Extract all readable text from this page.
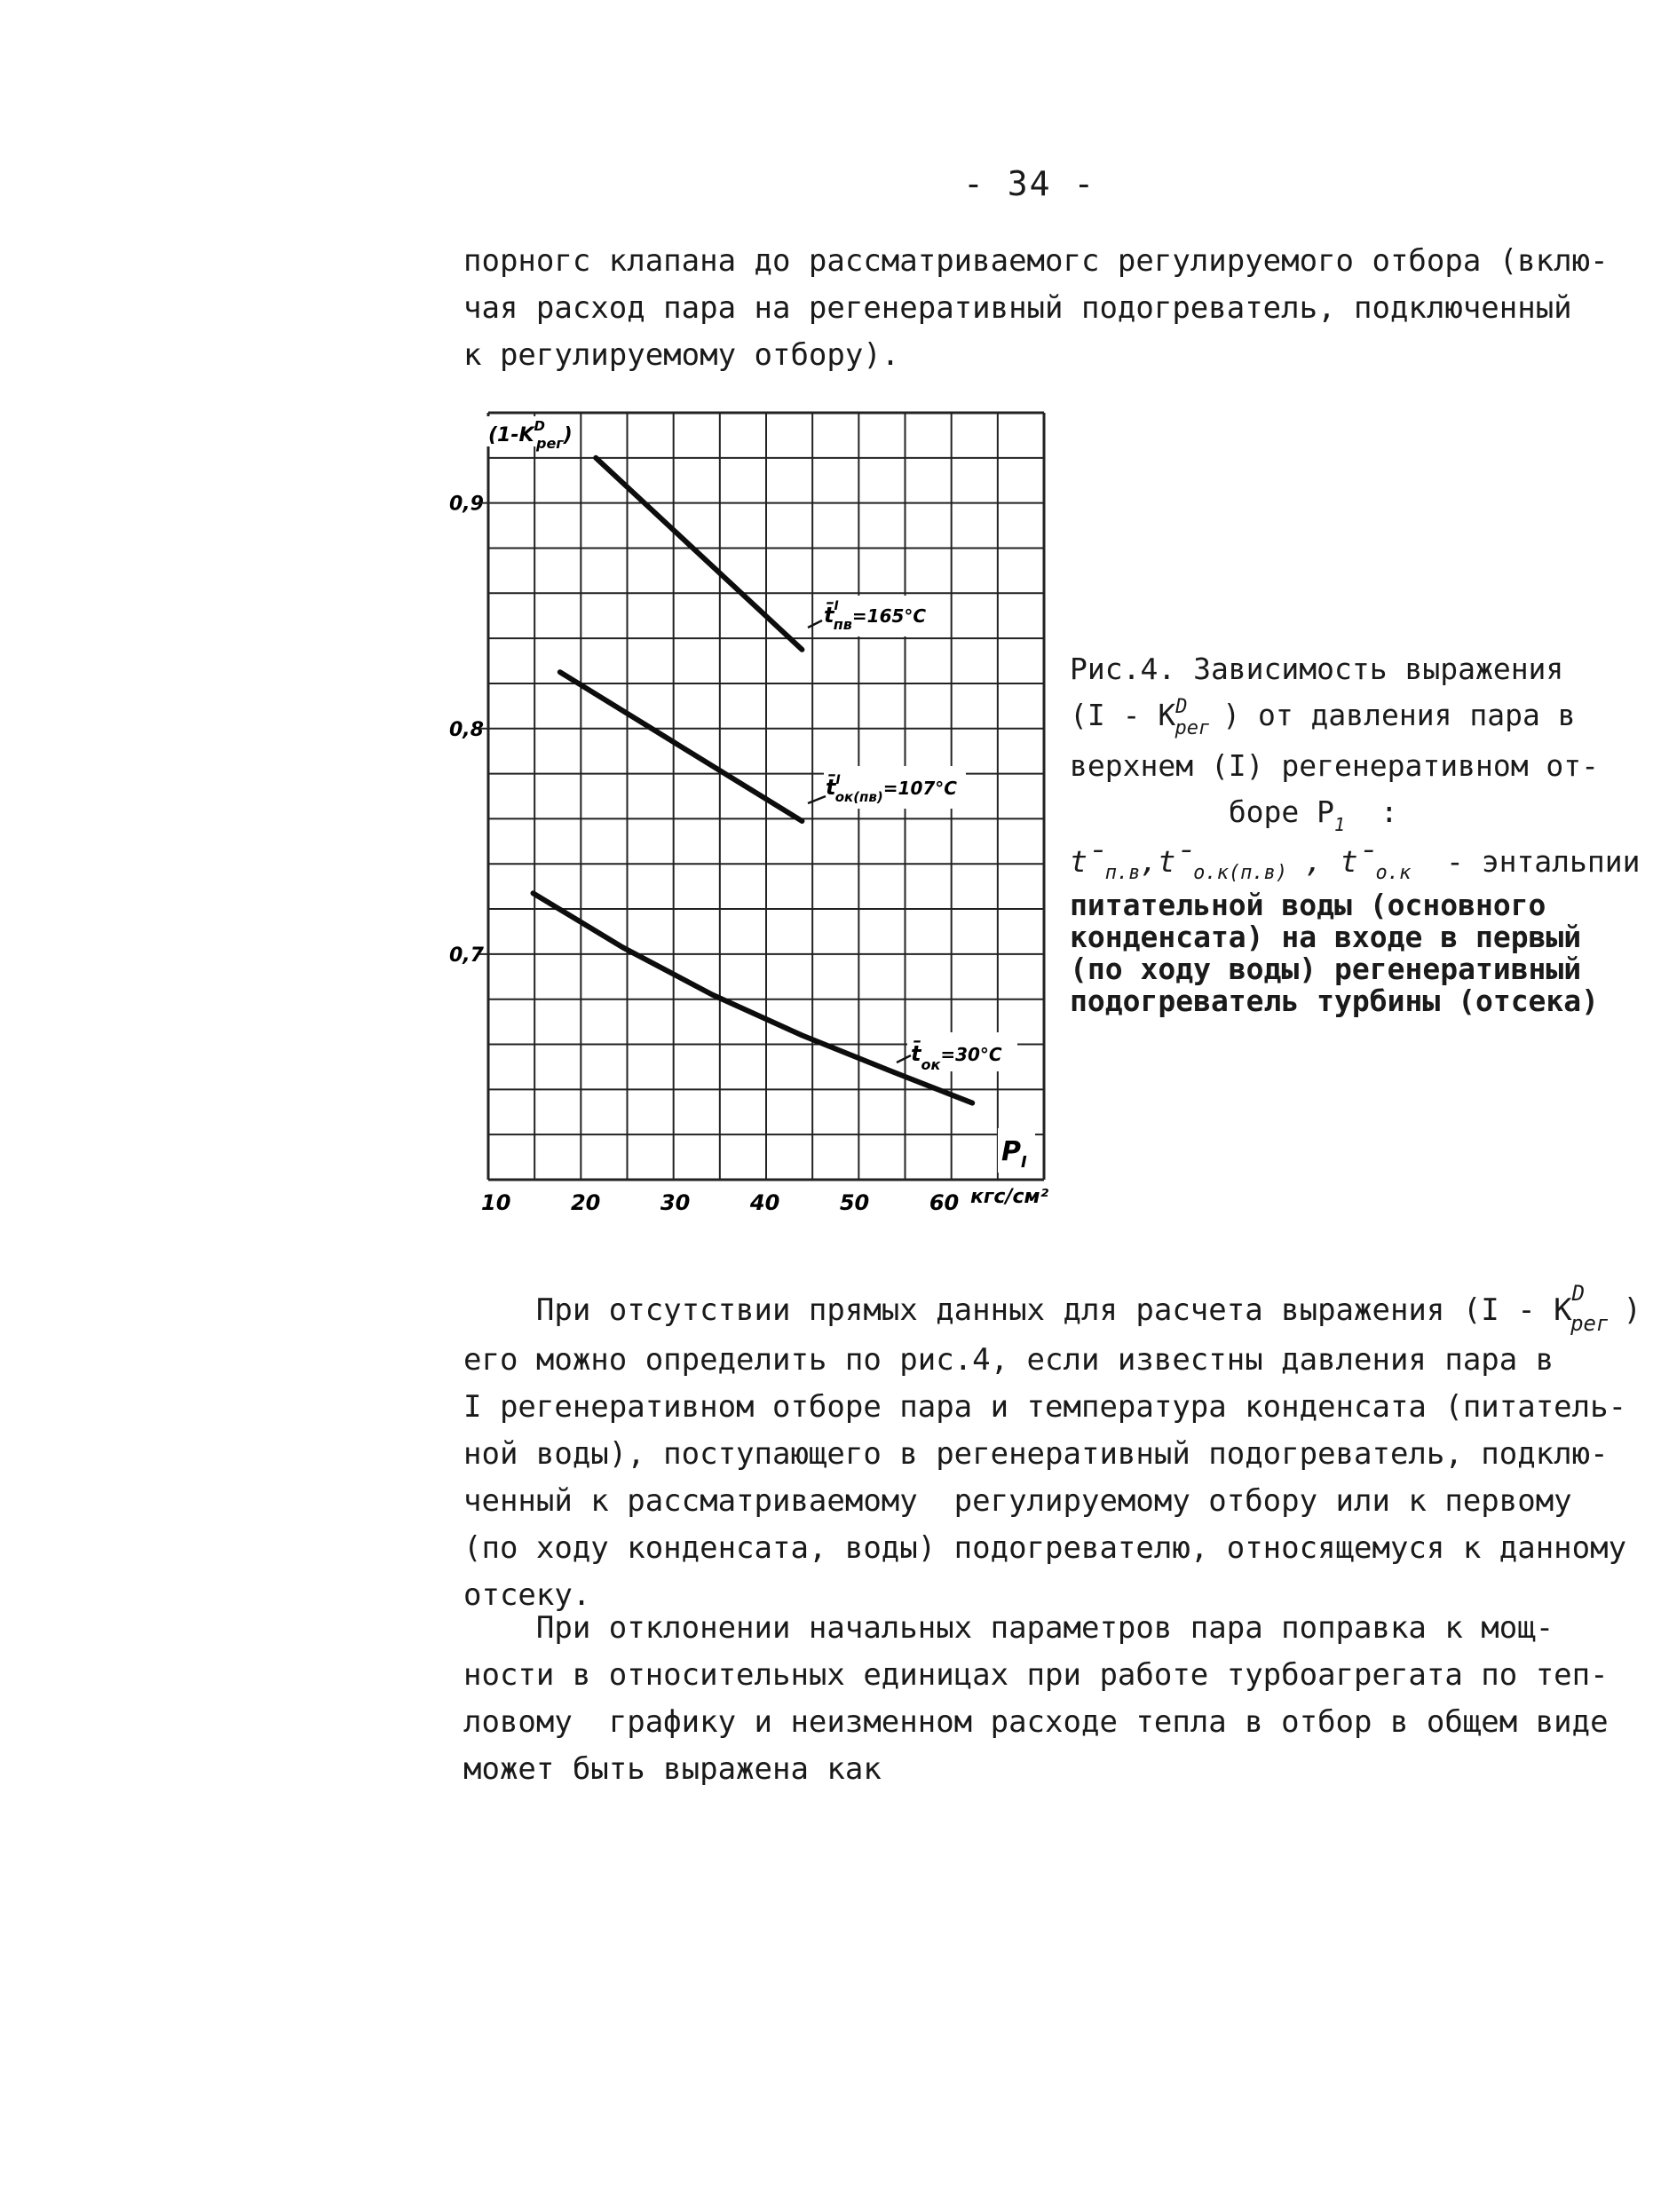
- 34 -
порногс клапана до рассматриваемогс регулируемого отбора (вклю-
чая расход пара на регенеративный подогреватель, подключенный
к регулируемому отбору).
10	20	30	40	50	60
0,7
0,8
0,9
($1-K^D$ рег)
$P_I$
кгс/см²
t̄$^I$ $пв^{=165^\circ C}$
t̄$^I$ ок(пв)$^{=107^\circ C}$
$t̄_{ок}^{=30^\circ C}$
Рис.4. Зависимость выражения
($I - K^D_{рег}$ ) от давления пара в
верхнем (I) регенеративном от-
боре $P_1$ :
$t̄_{п.в},t̄_{о.к(п.в)}$ , $t̄_{о.к}$ - энтальпии
питательной воды (основного
конденсата) на входе в первый
(по ходу воды) регенеративный
подогреватель турбины (отсека)
При отсутствии прямых данных для расчета выражения ($I - K^D_{рег}$ )
его можно определить по рис.4, если известны давления пара в
I регенеративном отборе пара и температура конденсата (питатель-
ной воды), поступающего в регенеративный подогреватель, подклю-
ченный к рассматриваемому  регулируемому отбору или к первому
(по ходу конденсата, воды) подогревателю, относящемуся к данному
отсеку.
При отклонении начальных параметров пара поправка к мощ-
ности в относительных единицах при работе турбоагрегата по теп-
ловому  графику и неизменном расходе тепла в отбор в общем виде
может быть выражена как
